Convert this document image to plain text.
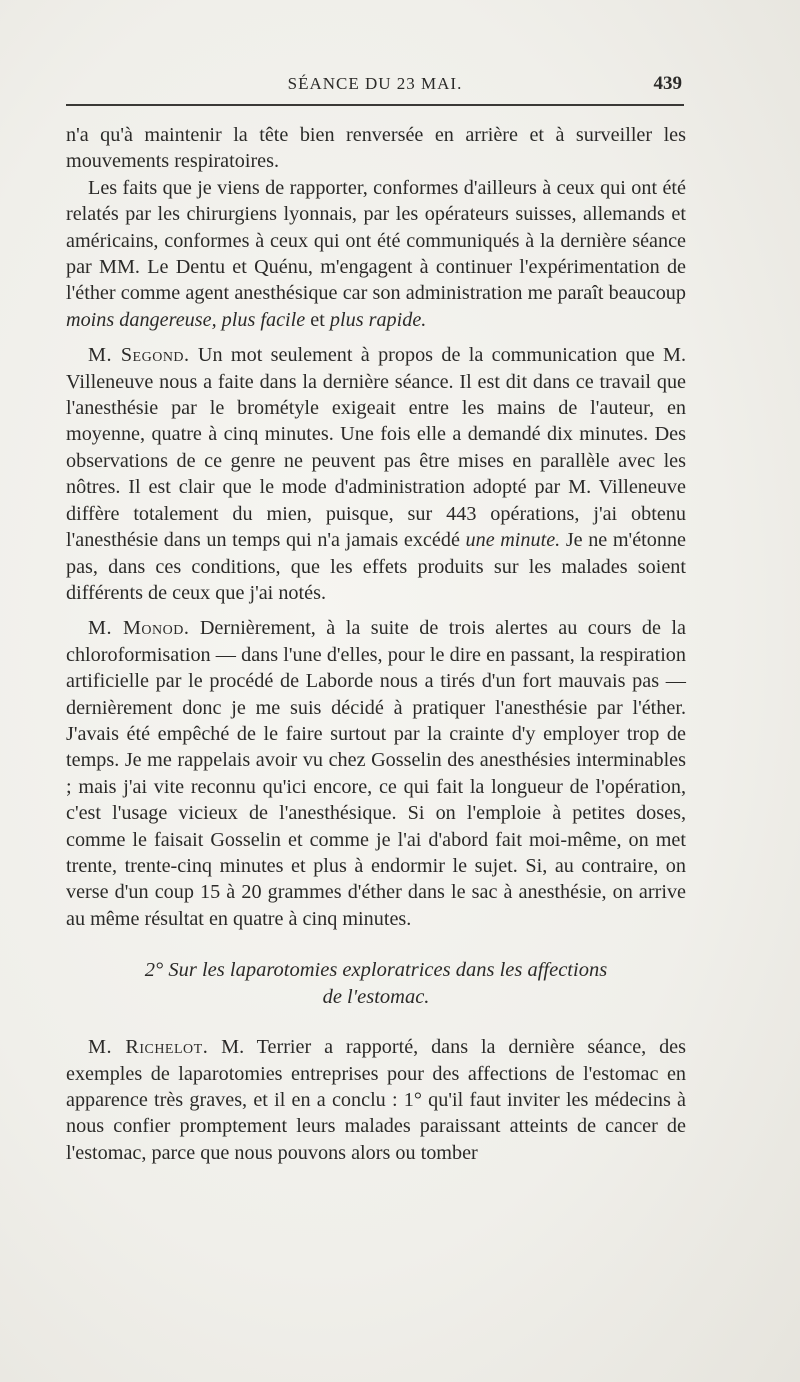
SÉANCE DU 23 MAI.	439

n'a qu'à maintenir la tête bien renversée en arrière et à surveiller les mouvements respiratoires.

Les faits que je viens de rapporter, conformes d'ailleurs à ceux qui ont été relatés par les chirurgiens lyonnais, par les opérateurs suisses, allemands et américains, conformes à ceux qui ont été communiqués à la dernière séance par MM. Le Dentu et Quénu, m'engagent à continuer l'expérimentation de l'éther comme agent anesthésique car son administration me paraît beaucoup moins dangereuse, plus facile et plus rapide.

M. Segond. Un mot seulement à propos de la communication que M. Villeneuve nous a faite dans la dernière séance. Il est dit dans ce travail que l'anesthésie par le brométyle exigeait entre les mains de l'auteur, en moyenne, quatre à cinq minutes. Une fois elle a demandé dix minutes. Des observations de ce genre ne peuvent pas être mises en parallèle avec les nôtres. Il est clair que le mode d'administration adopté par M. Villeneuve diffère totalement du mien, puisque, sur 443 opérations, j'ai obtenu l'anesthésie dans un temps qui n'a jamais excédé une minute. Je ne m'étonne pas, dans ces conditions, que les effets produits sur les malades soient différents de ceux que j'ai notés.

M. Monod. Dernièrement, à la suite de trois alertes au cours de la chloroformisation — dans l'une d'elles, pour le dire en passant, la respiration artificielle par le procédé de Laborde nous a tirés d'un fort mauvais pas — dernièrement donc je me suis décidé à pratiquer l'anesthésie par l'éther. J'avais été empêché de le faire surtout par la crainte d'y employer trop de temps. Je me rappelais avoir vu chez Gosselin des anesthésies interminables ; mais j'ai vite reconnu qu'ici encore, ce qui fait la longueur de l'opération, c'est l'usage vicieux de l'anesthésique. Si on l'emploie à petites doses, comme le faisait Gosselin et comme je l'ai d'abord fait moi-même, on met trente, trente-cinq minutes et plus à endormir le sujet. Si, au contraire, on verse d'un coup 15 à 20 grammes d'éther dans le sac à anesthésie, on arrive au même résultat en quatre à cinq minutes.

2° Sur les laparotomies exploratrices dans les affections
de l'estomac.

M. Richelot. M. Terrier a rapporté, dans la dernière séance, des exemples de laparotomies entreprises pour des affections de l'estomac en apparence très graves, et il en a conclu : 1° qu'il faut inviter les médecins à nous confier promptement leurs malades paraissant atteints de cancer de l'estomac, parce que nous pouvons alors ou tomber
